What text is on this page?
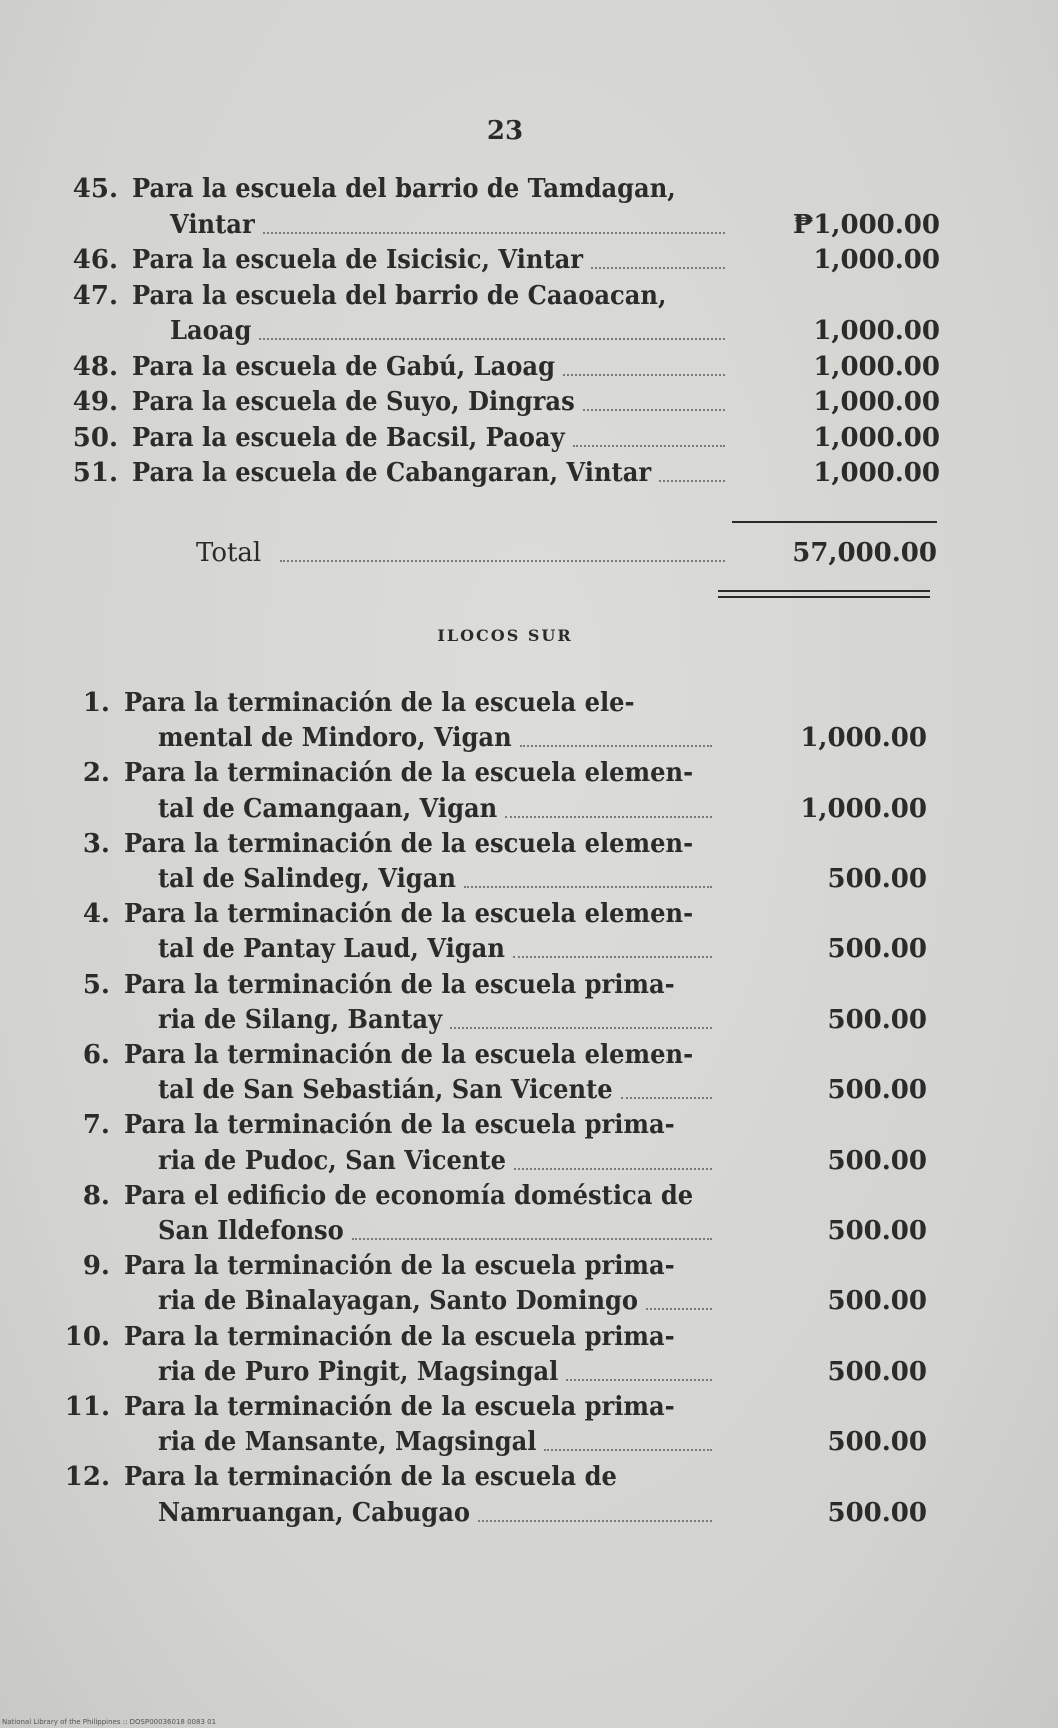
23
45. Para la escuela del barrio de Tamdagan,
Vintar	₱1,000.00
46. Para la escuela de Isicisic, Vintar	1,000.00
47. Para la escuela del barrio de Caaoacan,
Laoag	1,000.00
48. Para la escuela de Gabú, Laoag	1,000.00
49. Para la escuela de Suyo, Dingras	1,000.00
50. Para la escuela de Bacsil, Paoay	1,000.00
51. Para la escuela de Cabangaran, Vintar	1,000.00
Total	57,000.00
ILOCOS SUR
1. Para la terminación de la escuela ele-
mental de Mindoro, Vigan	1,000.00
2. Para la terminación de la escuela elemen-
tal de Camangaan, Vigan	1,000.00
3. Para la terminación de la escuela elemen-
tal de Salindeg, Vigan	500.00
4. Para la terminación de la escuela elemen-
tal de Pantay Laud, Vigan	500.00
5. Para la terminación de la escuela prima-
ria de Silang, Bantay	500.00
6. Para la terminación de la escuela elemen-
tal de San Sebastián, San Vicente	500.00
7. Para la terminación de la escuela prima-
ria de Pudoc, San Vicente	500.00
8. Para el edificio de economía doméstica de
San Ildefonso	500.00
9. Para la terminación de la escuela prima-
ria de Binalayagan, Santo Domingo	500.00
10. Para la terminación de la escuela prima-
ria de Puro Pingit, Magsingal	500.00
11. Para la terminación de la escuela prima-
ria de Mansante, Magsingal	500.00
12. Para la terminación de la escuela de
Namruangan, Cabugao	500.00
National Library of the Philippines :: DOSP00036018 0083 01
